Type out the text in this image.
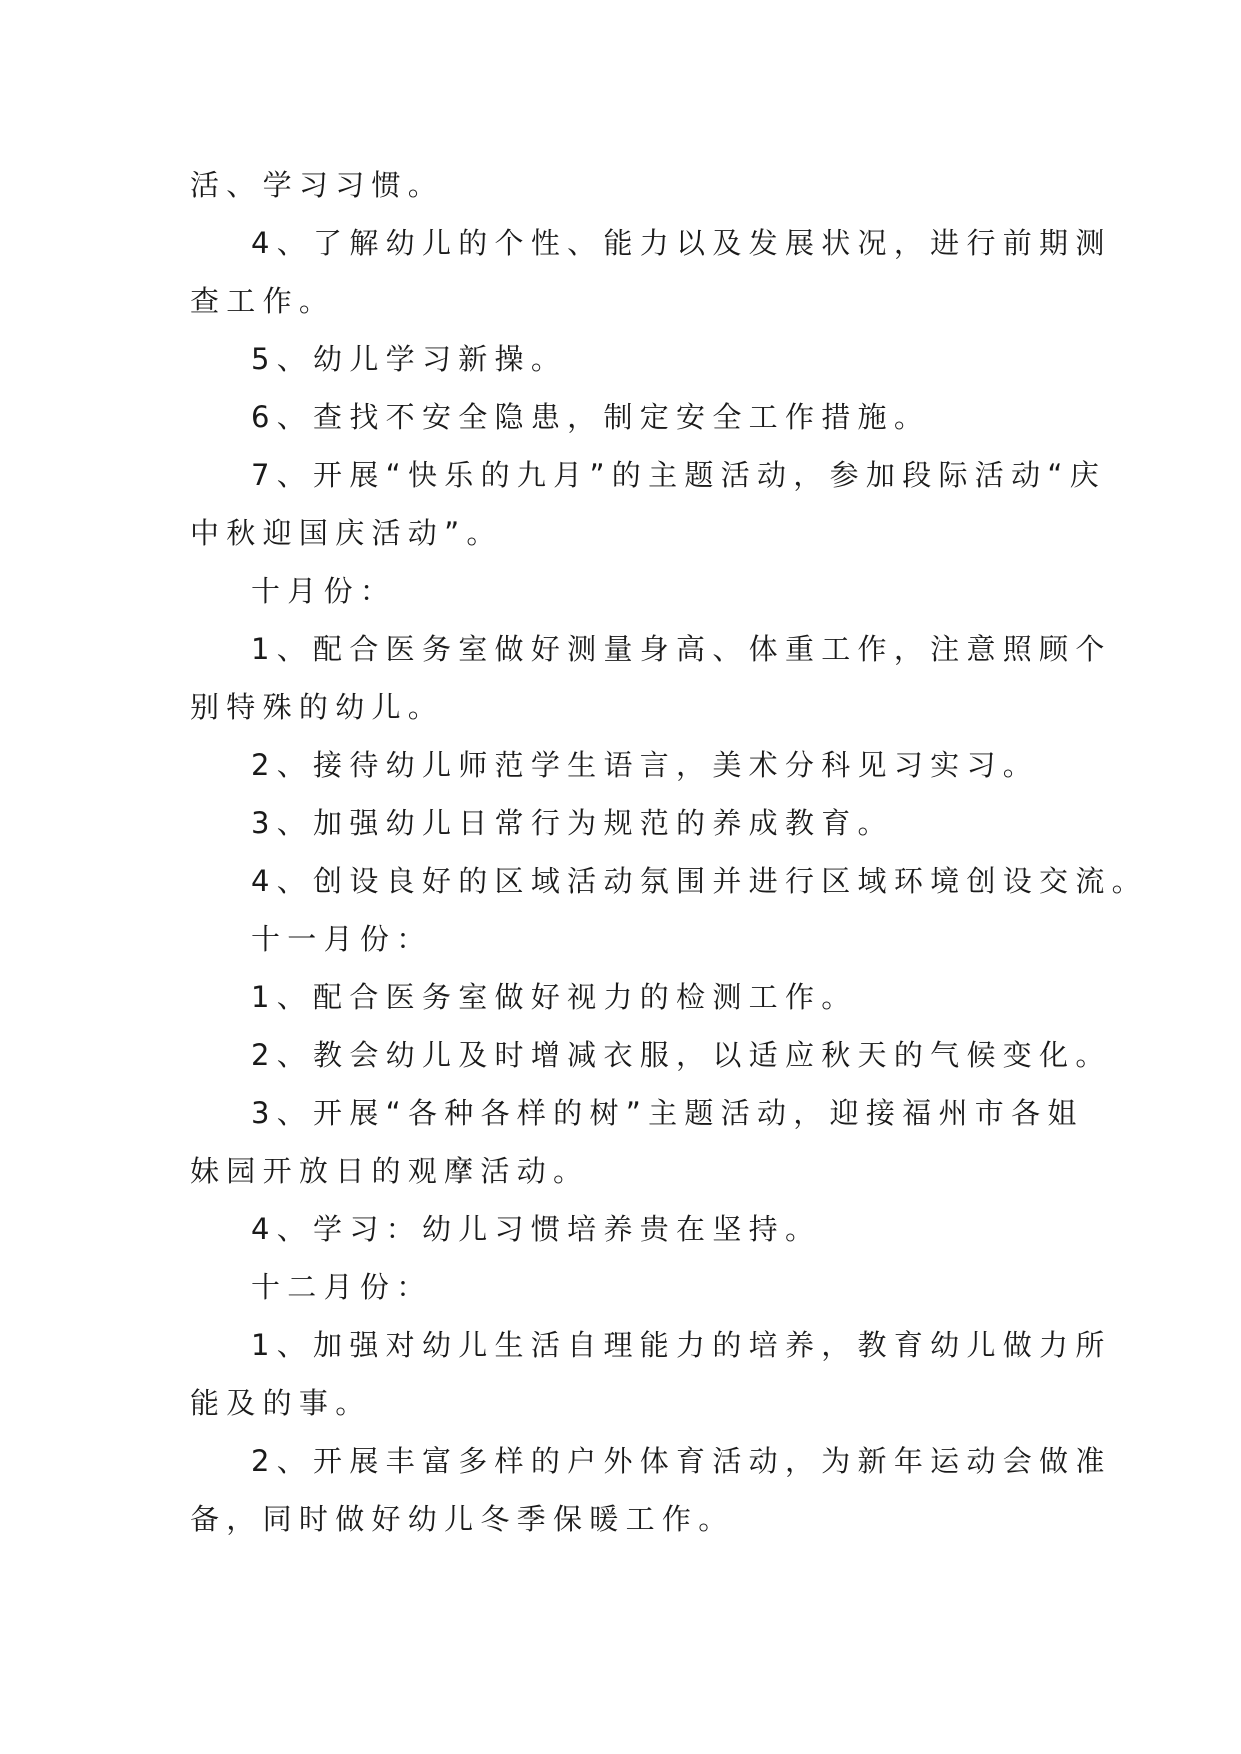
活、学习习惯。
4、了解幼儿的个性、能力以及发展状况，进行前期测
查工作。
5、幼儿学习新操。
6、查找不安全隐患，制定安全工作措施。
7、开展“快乐的九月”的主题活动，参加段际活动“庆
中秋迎国庆活动”。
十月份：
1、配合医务室做好测量身高、体重工作，注意照顾个
别特殊的幼儿。
2、接待幼儿师范学生语言，美术分科见习实习。
3、加强幼儿日常行为规范的养成教育。
4、创设良好的区域活动氛围并进行区域环境创设交流。
十一月份：
1、配合医务室做好视力的检测工作。
2、教会幼儿及时增减衣服，以适应秋天的气候变化。
3、开展“各种各样的树”主题活动，迎接福州市各姐
妹园开放日的观摩活动。
4、学习：幼儿习惯培养贵在坚持。
十二月份：
1、加强对幼儿生活自理能力的培养，教育幼儿做力所
能及的事。
2、开展丰富多样的户外体育活动，为新年运动会做准
备，同时做好幼儿冬季保暖工作。
